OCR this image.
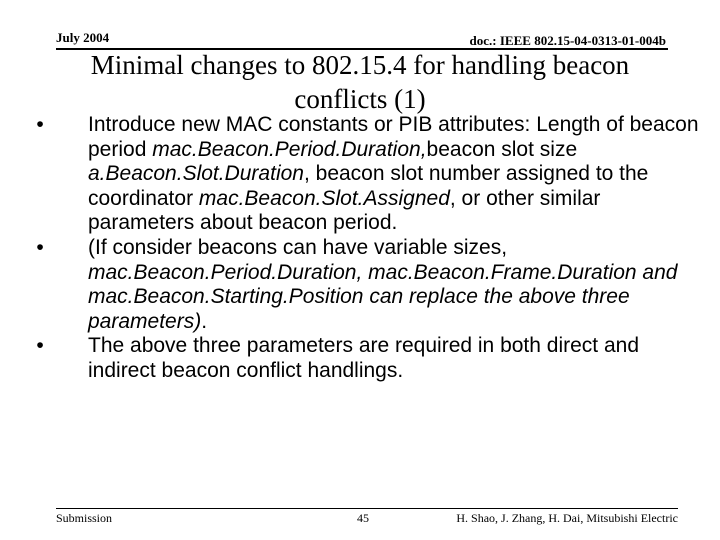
July 2004	doc.: IEEE 802.15-04-0313-01-004b
Minimal changes to 802.15.4 for handling beacon
conflicts (1)
•	Introduce new MAC constants or PIB attributes: Length of beacon period mac.Beacon.Period.Duration,beacon slot size a.Beacon.Slot.Duration, beacon slot number assigned to the coordinator mac.Beacon.Slot.Assigned, or other similar parameters about beacon period.
•	(If consider beacons can have variable sizes, mac.Beacon.Period.Duration, mac.Beacon.Frame.Duration and mac.Beacon.Starting.Position can replace the above three parameters).
•	The above three parameters are required in both direct and indirect beacon conflict handlings.
Submission	45	H. Shao, J. Zhang, H. Dai, Mitsubishi Electric
